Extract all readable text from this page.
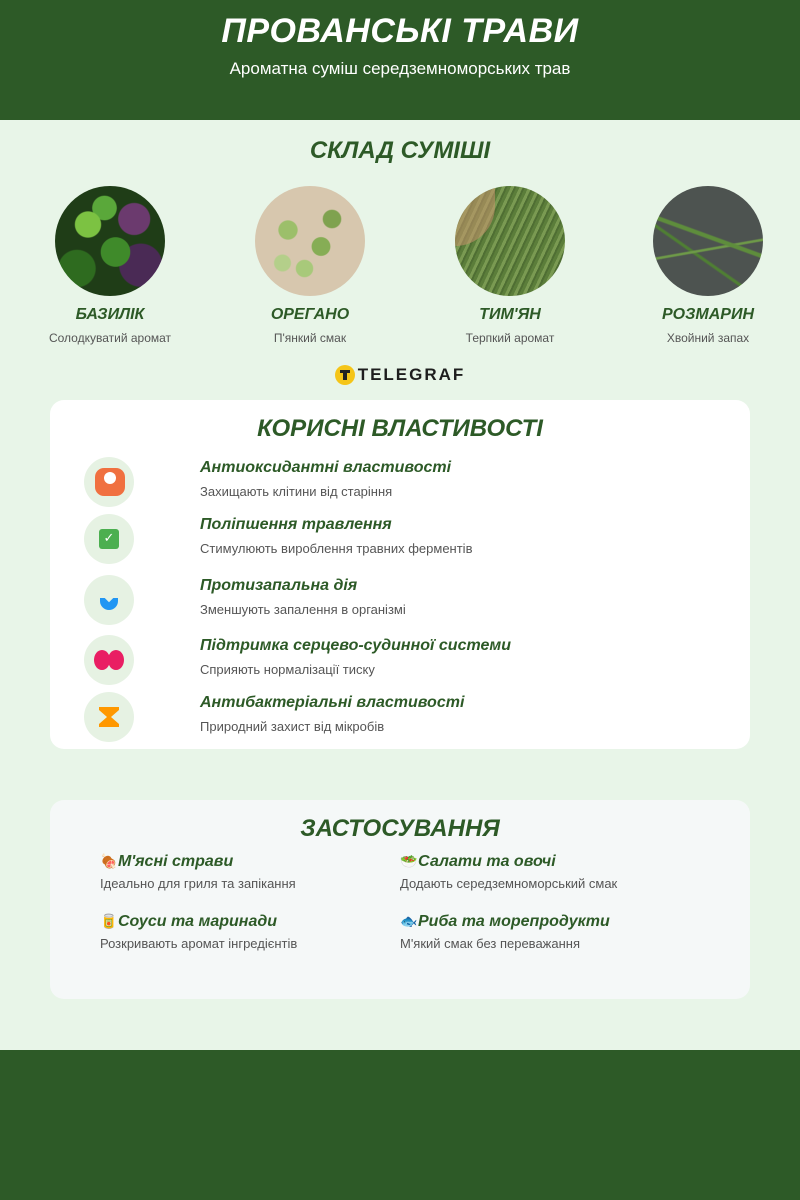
ПРОВАНСЬКІ ТРАВИ
Ароматна суміш середземноморських трав
СКЛАД СУМІШІ
БАЗИЛІК
Солодкуватий аромат
ОРЕГАНО
П'янкий смак
ТИМ'ЯН
Терпкий аромат
РОЗМАРИН
Хвойний запах
TELEGRAF
КОРИСНІ ВЛАСТИВОСТІ
Антиоксидантні властивості
Захищають клітини від старіння
✓
Поліпшення травлення
Стимулюють вироблення травних ферментів
Протизапальна дія
Зменшують запалення в організмі
Підтримка серцево-судинної системи
Сприяють нормалізації тиску
Антибактеріальні властивості
Природний захист від мікробів
ЗАСТОСУВАННЯ
🍖М'ясні страви
Ідеально для гриля та запікання
🥗Салати та овочі
Додають середземноморський смак
🥫Соуси та маринади
Розкривають аромат інгредієнтів
🐟Риба та морепродукти
М'який смак без переважання
